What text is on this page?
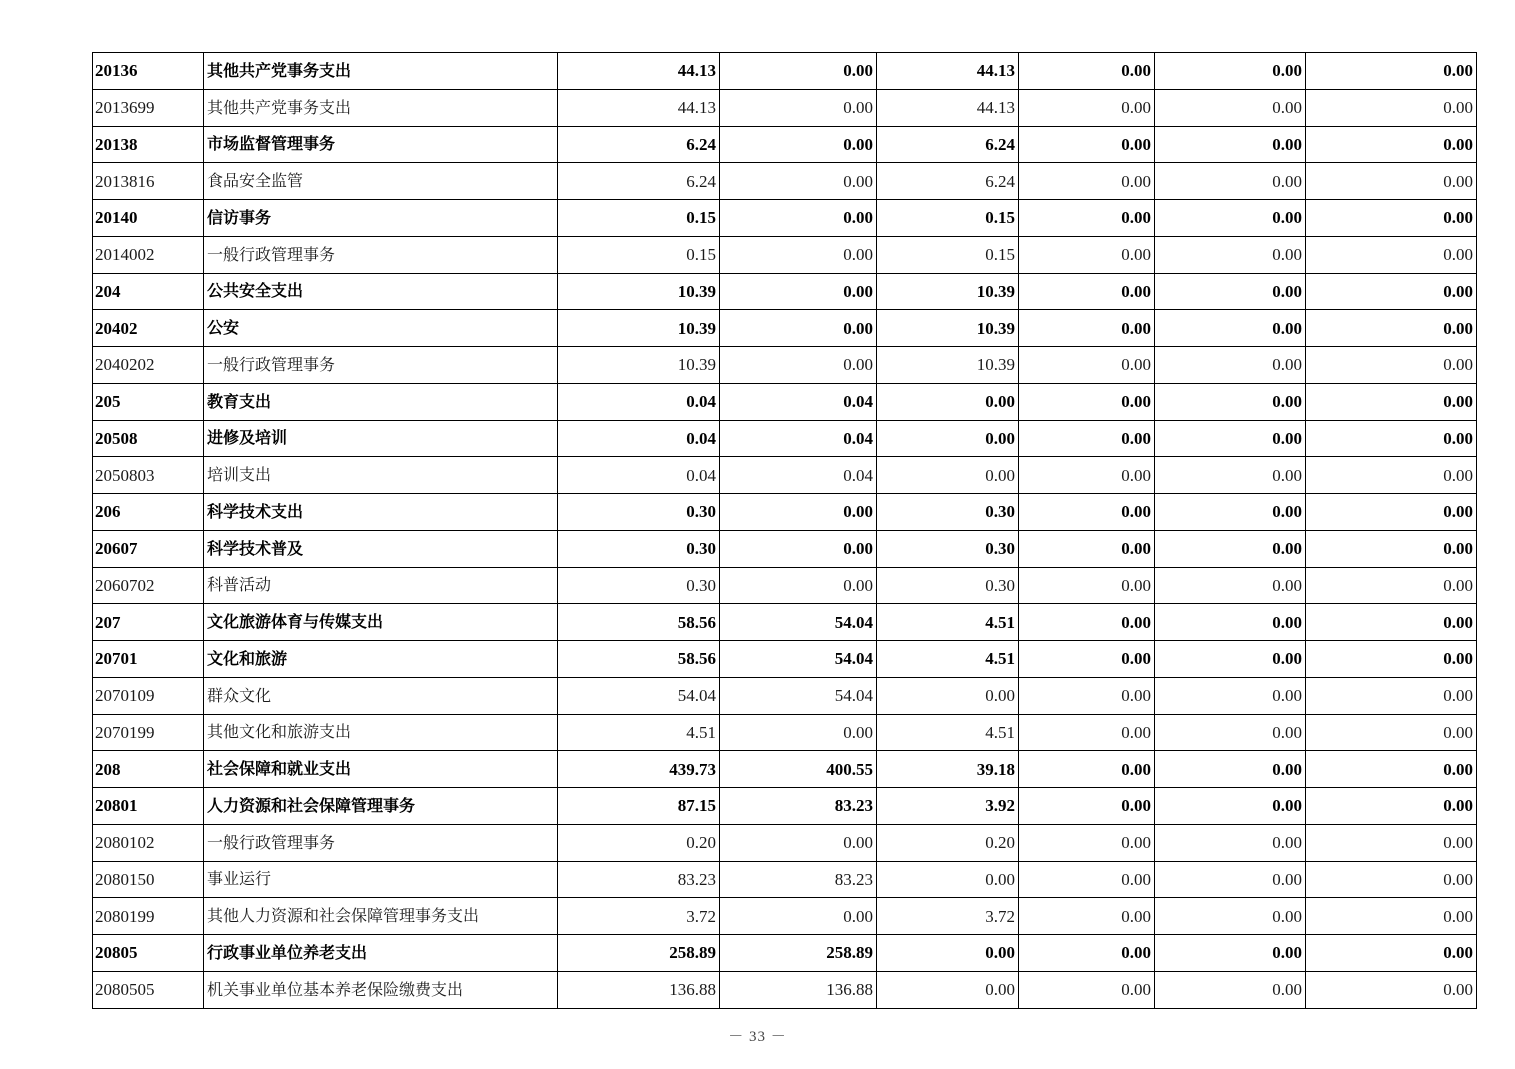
20136	其他共产党事务支出	44.13	0.00	44.13	0.00	0.00	0.00
2013699	其他共产党事务支出	44.13	0.00	44.13	0.00	0.00	0.00
20138	市场监督管理事务	6.24	0.00	6.24	0.00	0.00	0.00
2013816	食品安全监管	6.24	0.00	6.24	0.00	0.00	0.00
20140	信访事务	0.15	0.00	0.15	0.00	0.00	0.00
2014002	一般行政管理事务	0.15	0.00	0.15	0.00	0.00	0.00
204	公共安全支出	10.39	0.00	10.39	0.00	0.00	0.00
20402	公安	10.39	0.00	10.39	0.00	0.00	0.00
2040202	一般行政管理事务	10.39	0.00	10.39	0.00	0.00	0.00
205	教育支出	0.04	0.04	0.00	0.00	0.00	0.00
20508	进修及培训	0.04	0.04	0.00	0.00	0.00	0.00
2050803	培训支出	0.04	0.04	0.00	0.00	0.00	0.00
206	科学技术支出	0.30	0.00	0.30	0.00	0.00	0.00
20607	科学技术普及	0.30	0.00	0.30	0.00	0.00	0.00
2060702	科普活动	0.30	0.00	0.30	0.00	0.00	0.00
207	文化旅游体育与传媒支出	58.56	54.04	4.51	0.00	0.00	0.00
20701	文化和旅游	58.56	54.04	4.51	0.00	0.00	0.00
2070109	群众文化	54.04	54.04	0.00	0.00	0.00	0.00
2070199	其他文化和旅游支出	4.51	0.00	4.51	0.00	0.00	0.00
208	社会保障和就业支出	439.73	400.55	39.18	0.00	0.00	0.00
20801	人力资源和社会保障管理事务	87.15	83.23	3.92	0.00	0.00	0.00
2080102	一般行政管理事务	0.20	0.00	0.20	0.00	0.00	0.00
2080150	事业运行	83.23	83.23	0.00	0.00	0.00	0.00
2080199	其他人力资源和社会保障管理事务支出	3.72	0.00	3.72	0.00	0.00	0.00
20805	行政事业单位养老支出	258.89	258.89	0.00	0.00	0.00	0.00
2080505	机关事业单位基本养老保险缴费支出	136.88	136.88	0.00	0.00	0.00	0.00
－ 33 －
